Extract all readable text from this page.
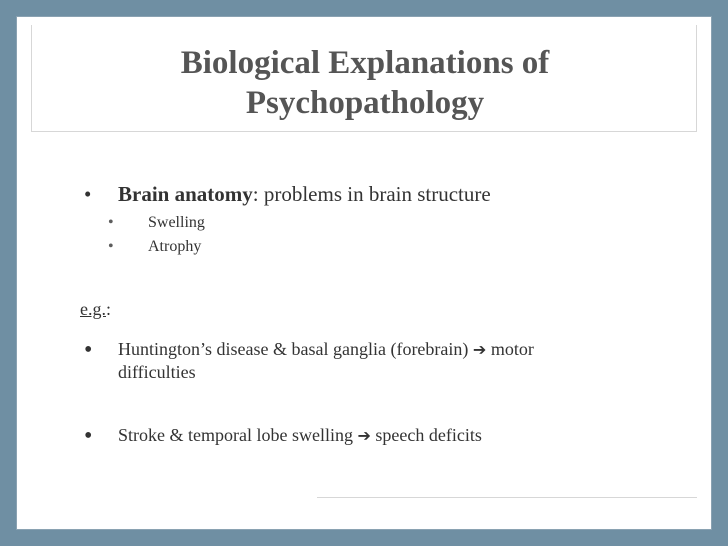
Biological Explanations of
Psychopathology
• Brain anatomy: problems in brain structure
• Swelling
• Atrophy
e.g.:
• Huntington’s disease & basal ganglia (forebrain) ➔ motor
difficulties
• Stroke & temporal lobe swelling ➔ speech deficits
